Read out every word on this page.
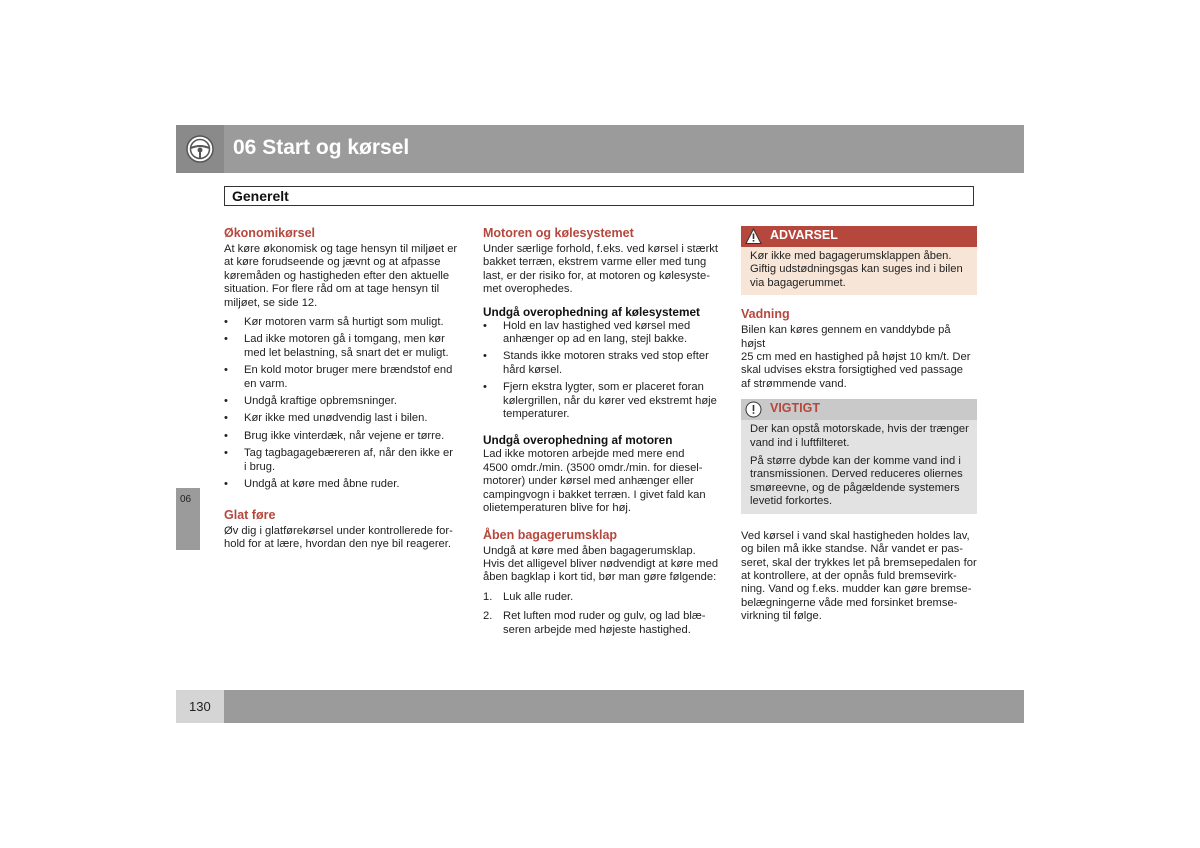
06 Start og kørsel
Generelt
06
Økonomikørsel

At køre økonomisk og tage hensyn til miljøet er
at køre forudseende og jævnt og at afpasse
køremåden og hastigheden efter den aktuelle
situation. For flere råd om at tage hensyn til
miljøet, se side 12.

• Kør motoren varm så hurtigt som muligt.
• Lad ikke motoren gå i tomgang, men kør
med let belastning, så snart det er muligt.
• En kold motor bruger mere brændstof end
en varm.
• Undgå kraftige opbremsninger.
• Kør ikke med unødvendig last i bilen.
• Brug ikke vinterdæk, når vejene er tørre.
• Tag tagbagagebæreren af, når den ikke er
i brug.
• Undgå at køre med åbne ruder.
Glat føre

Øv dig i glatførekørsel under kontrollerede for-
hold for at lære, hvordan den nye bil reagerer.

Motoren og kølesystemet

Under særlige forhold, f.eks. ved kørsel i stærkt
bakket terræn, ekstrem varme eller med tung
last, er der risiko for, at motoren og kølesyste-
met overophedes.

Undgå overophedning af kølesystemet
• Hold en lav hastighed ved kørsel med
anhænger op ad en lang, stejl bakke.
• Stands ikke motoren straks ved stop efter
hård kørsel.
• Fjern ekstra lygter, som er placeret foran
kølergrillen, når du kører ved ekstremt høje
temperaturer.
Undgå overophedning af motoren

Lad ikke motoren arbejde med mere end
4500 omdr./min. (3500 omdr./min. for diesel-
motorer) under kørsel med anhænger eller
campingvogn i bakket terræn. I givet fald kan
olietemperaturen blive for høj.

Åben bagagerumsklap

Undgå at køre med åben bagagerumsklap.
Hvis det alligevel bliver nødvendigt at køre med
åben bagklap i kort tid, bør man gøre følgende:

1. Luk alle ruder.
2. Ret luften mod ruder og gulv, og lad blæ-
seren arbejde med højeste hastighed.
ADVARSEL
Kør ikke med bagagerumsklappen åben.
Giftig udstødningsgas kan suges ind i bilen
via bagagerummet.
Vadning

Bilen kan køres gennem en vanddybde på højst
25 cm med en hastighed på højst 10 km/t. Der
skal udvises ekstra forsigtighed ved passage
af strømmende vand.

VIGTIGT

Der kan opstå motorskade, hvis der trænger
vand ind i luftfilteret.

På større dybde kan der komme vand ind i
transmissionen. Derved reduceres oliernes
smøreevne, og de pågældende systemers
levetid forkortes.

Ved kørsel i vand skal hastigheden holdes lav,
og bilen må ikke standse. Når vandet er pas-
seret, skal der trykkes let på bremsepedalen for
at kontrollere, at der opnås fuld bremsevirk-
ning. Vand og f.eks. mudder kan gøre bremse-
belægningerne våde med forsinket bremse-
virkning til følge.

130
